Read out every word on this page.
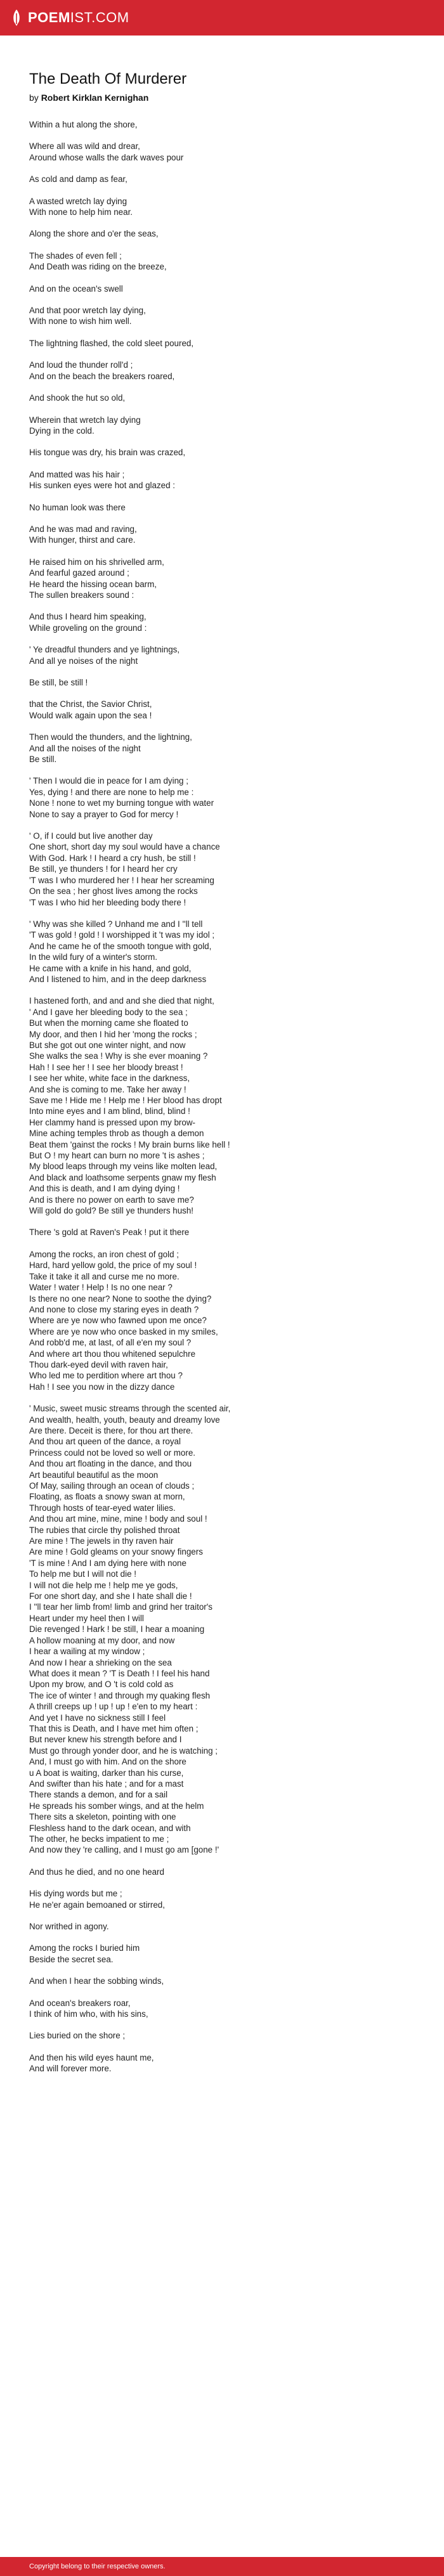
POEMIST.COM
The Death Of Murderer
by Robert Kirklan Kernighan

Within a hut along the shore,

Where all was wild and drear,
Around whose walls the dark waves pour

As cold and damp as fear,

A wasted wretch lay dying
With none to help him near.

Along the shore and o'er the seas,

The shades of even fell ;
And Death was riding on the breeze,

And on the ocean's swell

And that poor wretch lay dying,
With none to wish him well.

The lightning flashed, the cold sleet poured,

And loud the thunder roll'd ;
And on the beach the breakers roared,

And shook the hut so old,

Wherein that wretch lay dying
Dying in the cold.

His tongue was dry, his brain was crazed,

And matted was his hair ;
His sunken eyes were hot and glazed :

No human look was there

And he was mad and raving,
With hunger, thirst and care.

He raised him on his shrivelled arm,
And fearful gazed around ;
He heard the hissing ocean barm,
The sullen breakers sound :

And thus I heard him speaking,
While groveling on the ground :

' Ye dreadful thunders and ye lightnings,
And all ye noises of the night

Be still, be still !

that the Christ, the Savior Christ,
Would walk again upon the sea !

Then would the thunders, and the lightning,
And all the noises of the night
Be still.

' Then I would die in peace for I am dying ;
Yes, dying ! and there are none to help me :
None ! none to wet my burning tongue with water
None to say a prayer to God for mercy !

' O, if I could but live another day
One short, short day my soul would have a chance
With God. Hark ! I heard a cry hush, be still !
Be still, ye thunders ! for I heard her cry
'T was I who murdered her ! I hear her screaming
On the sea ; her ghost lives among the rocks
'T was I who hid her bleeding body there !

' Why was she killed ? Unhand me and I ''ll tell
'T was gold ! gold ! I worshipped it 't was my idol ;
And he came he of the smooth tongue with gold,
In the wild fury of a winter's storm.
He came with a knife in his hand, and gold,
And I listened to him, and in the deep darkness

I hastened forth, and and and she died that night,
' And I gave her bleeding body to the sea ;
But when the morning came she floated to
My door, and then I hid her 'mong the rocks ;
But she got out one winter night, and now
She walks the sea ! Why is she ever moaning ?
Hah ! I see her ! I see her bloody breast !
I see her white, white face in the darkness,
And she is coming to me. Take her away !
Save me ! Hide me ! Help me ! Her blood has dropt
Into mine eyes and I am blind, blind, blind !
Her clammy hand is pressed upon my brow-
Mine aching temples throb as though a demon
Beat them 'gainst the rocks ! My brain burns like hell !
But O ! my heart can burn no more 't is ashes ;
My blood leaps through my veins like molten lead,
And black and loathsome serpents gnaw my flesh
And this is death, and I am dying dying !
And is there no power on earth to save me?
Will gold do gold? Be still ye thunders hush!

There 's gold at Raven's Peak ! put it there

Among the rocks, an iron chest of gold ;
Hard, hard yellow gold, the price of my soul !
Take it take it all and curse me no more.
Water ! water ! Help ! Is no one near ?
Is there no one near? None to soothe the dying?
And none to close my staring eyes in death ?
Where are ye now who fawned upon me once?
Where are ye now who once basked in my smiles,
And robb'd me, at last, of all e'en my soul ?
And where art thou thou whitened sepulchre
Thou dark-eyed devil with raven hair,
Who led me to perdition where art thou ?
Hah ! I see you now in the dizzy dance

' Music, sweet music streams through the scented air,
And wealth, health, youth, beauty and dreamy love
Are there. Deceit is there, for thou art there.
And thou art queen of the dance, a royal
Princess could not be loved so well or more.
And thou art floating in the dance, and thou
Art beautiful beautiful as the moon
Of May, sailing through an ocean of clouds ;
Floating, as floats a snowy swan at morn,
Through hosts of tear-eyed water lilies.
And thou art mine, mine, mine ! body and soul !
The rubies that circle thy polished throat
Are mine ! The jewels in thy raven hair
Are mine ! Gold gleams on your snowy fingers
'T is mine ! And I am dying here with none
To help me but I will not die !
I will not die help me ! help me ye gods,
For one short day, and she I hate shall die !
I ''ll tear her limb from! limb and grind her traitor's
Heart under my heel then I will
Die revenged ! Hark ! be still, I hear a moaning
A hollow moaning at my door, and now
I hear a wailing at my window ;
And now I hear a shrieking on the sea
What does it mean ? 'T is Death ! I feel his hand
Upon my brow, and O 't is cold cold as
The ice of winter ! and through my quaking flesh
A thrill creeps up ! up ! up ! e'en to my heart :
And yet I have no sickness still I feel
That this is Death, and I have met him often ;
But never knew his strength before and I
Must go through yonder door, and he is watching ;
And, I must go with him. And on the shore
u A boat is waiting, darker than his curse,
And swifter than his hate ; and for a mast
There stands a demon, and for a sail
He spreads his somber wings, and at the helm
There sits a skeleton, pointing with one
Fleshless hand to the dark ocean, and with
The other, he becks impatient to me ;
And now they 're calling, and I must go am [gone !'

And thus he died, and no one heard

His dying words but me ;
He ne'er again bemoaned or stirred,

Nor writhed in agony.

Among the rocks I buried him
Beside the secret sea.

And when I hear the sobbing winds,

And ocean's breakers roar,
I think of him who, with his sins,

Lies buried on the shore ;

And then his wild eyes haunt me,
And will forever more.

Copyright belong to their respective owners.
